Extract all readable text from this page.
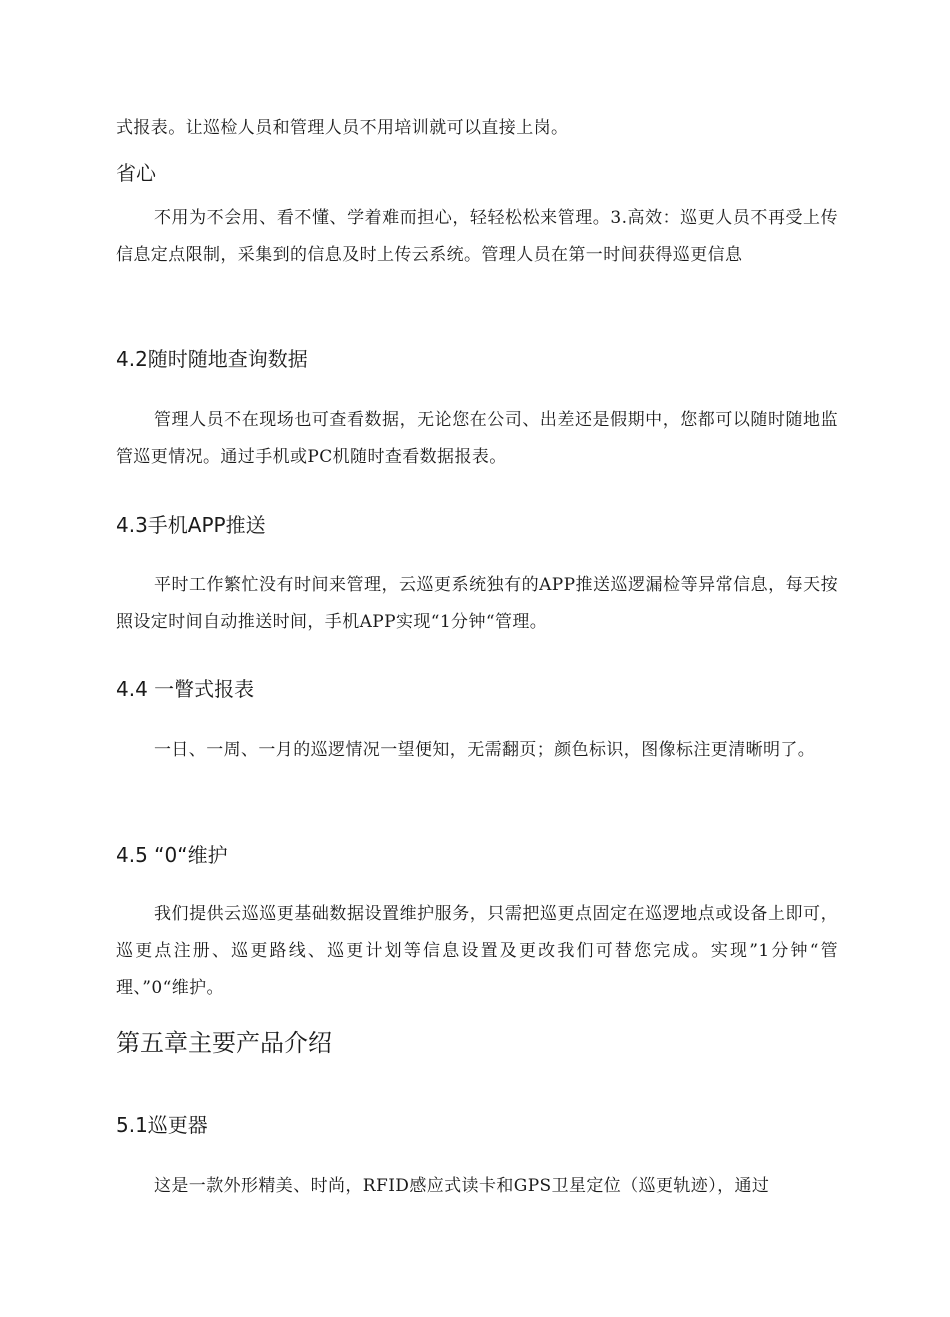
式报表。让巡检人员和管理人员不用培训就可以直接上岗。

省心

不用为不会用、看不懂、学着难而担心，轻轻松松来管理。3.高效：巡更人员不再受上传信息定点限制，采集到的信息及时上传云系统。管理人员在第一时间获得巡更信息

4.2随时随地查询数据

管理人员不在现场也可查看数据，无论您在公司、出差还是假期中，您都可以随时随地监管巡更情况。通过手机或PC机随时查看数据报表。

4.3手机APP推送

平时工作繁忙没有时间来管理，云巡更系统独有的APP推送巡逻漏检等异常信息，每天按照设定时间自动推送时间，手机APP实现“1分钟“管理。

4.4 一瞥式报表

一日、一周、一月的巡逻情况一望便知，无需翻页；颜色标识，图像标注更清晰明了。

4.5 “0“维护

我们提供云巡巡更基础数据设置维护服务，只需把巡更点固定在巡逻地点或设备上即可，巡更点注册、巡更路线、巡更计划等信息设置及更改我们可替您完成。实现”1分钟“管理、”0“维护。

第五章主要产品介绍
5.1巡更器

这是一款外形精美、时尚，RFID感应式读卡和GPS卫星定位（巡更轨迹），通过
